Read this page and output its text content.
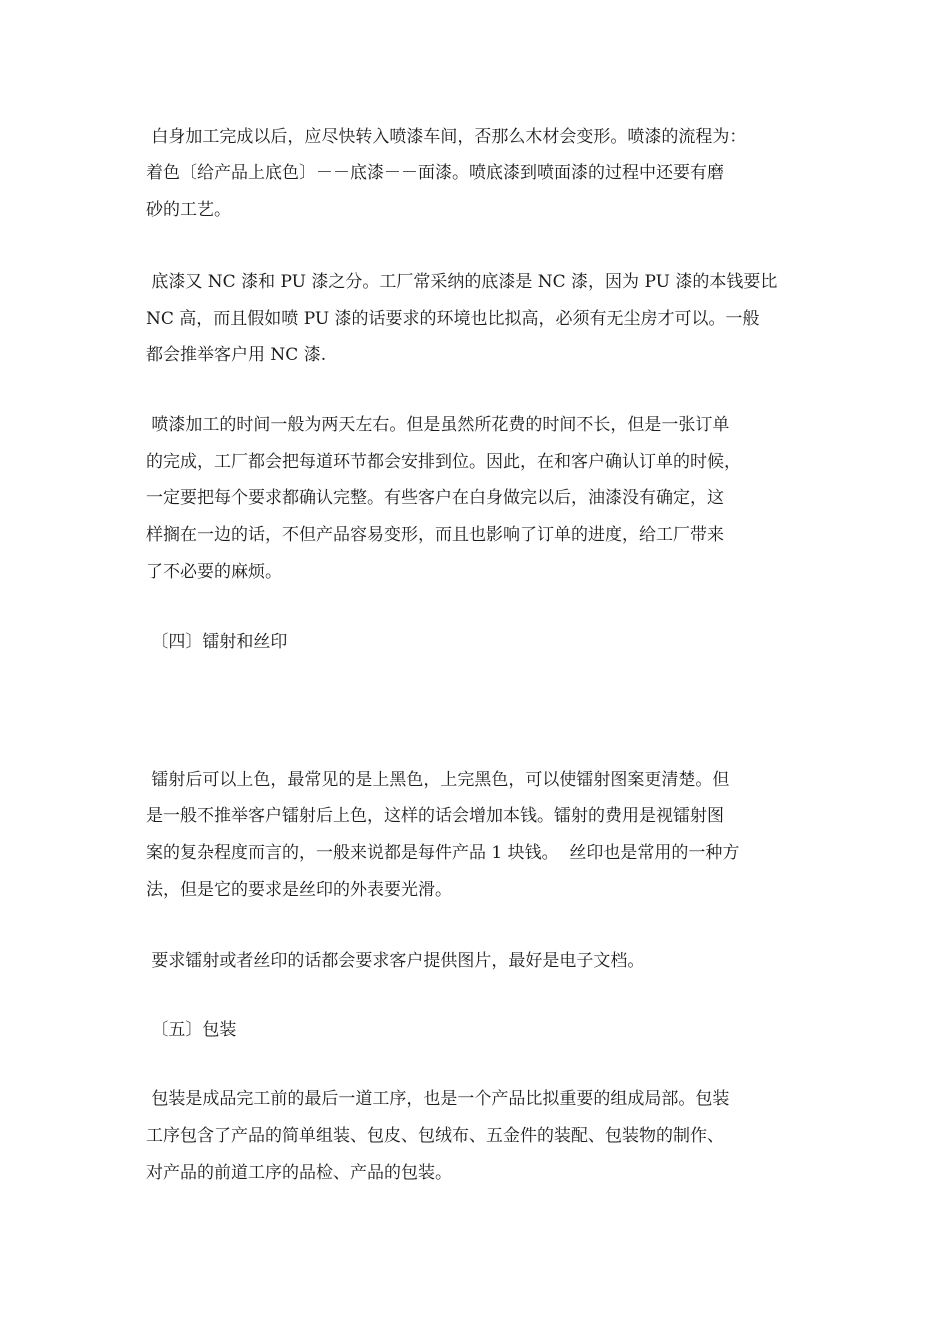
白身加工完成以后，应尽快转入喷漆车间，否那么木材会变形。喷漆的流程为：
着色〔给产品上底色〕－－底漆－－面漆。喷底漆到喷面漆的过程中还要有磨
砂的工艺。
底漆又 NC 漆和 PU 漆之分。工厂常采纳的底漆是 NC 漆，因为 PU 漆的本钱要比
NC 高，而且假如喷 PU 漆的话要求的环境也比拟高，必须有无尘房才可以。一般
都会推举客户用 NC 漆.
喷漆加工的时间一般为两天左右。但是虽然所花费的时间不长，但是一张订单
的完成，工厂都会把每道环节都会安排到位。因此，在和客户确认订单的时候，
一定要把每个要求都确认完整。有些客户在白身做完以后，油漆没有确定，这
样搁在一边的话，不但产品容易变形，而且也影响了订单的进度，给工厂带来
了不必要的麻烦。
〔四〕镭射和丝印
镭射后可以上色，最常见的是上黑色，上完黑色，可以使镭射图案更清楚。但
是一般不推举客户镭射后上色，这样的话会增加本钱。镭射的费用是视镭射图
案的复杂程度而言的，一般来说都是每件产品 1 块钱。  丝印也是常用的一种方
法，但是它的要求是丝印的外表要光滑。
要求镭射或者丝印的话都会要求客户提供图片，最好是电子文档。
〔五〕包装
包装是成品完工前的最后一道工序，也是一个产品比拟重要的组成局部。包装
工序包含了产品的简单组装、包皮、包绒布、五金件的装配、包装物的制作、
对产品的前道工序的品检、产品的包装。
